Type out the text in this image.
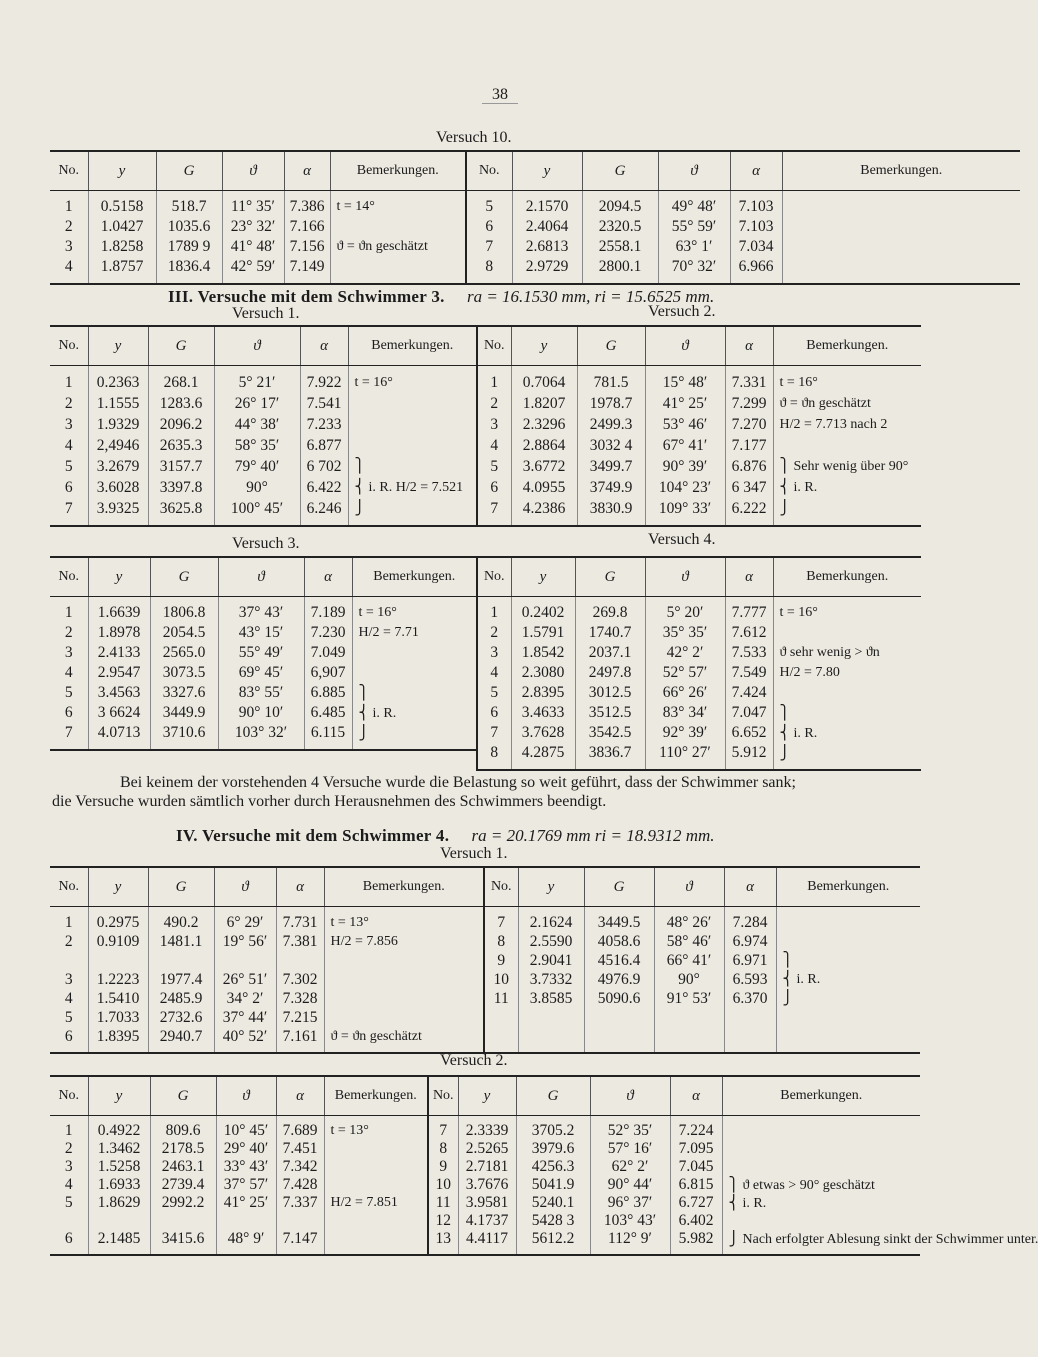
38
Versuch 10.
No.	y	G	ϑ	α	Bemerkungen.	No.	y	G	ϑ	α	Bemerkungen.

1	0.5158	518.7	11° 35′	7.386	t = 14°	5	2.1570	2094.5	49° 48′	7.103	
2	1.0427	1035.6	23° 32′	7.166		6	2.4064	2320.5	55° 59′	7.103	
3	1.8258	1789 9	41° 48′	7.156	ϑ = ϑn geschätzt	7	2.6813	2558.1	63° 1′	7.034	
4	1.8757	1836.4	42° 59′	7.149		8	2.9729	2800.1	70° 32′	6.966	

III. Versuche mit dem Schwimmer 3. ra = 16.1530 mm, ri = 15.6525 mm.
Versuch 1.	Versuch 2.
No.	y	G	ϑ	α	Bemerkungen.

1	0.2363	268.1	5° 21′	7.922	t = 16°
2	1.1555	1283.6	26° 17′	7.541	
3	1.9329	2096.2	44° 38′	7.233	
4	2,4946	2635.3	58° 35′	6.877	
5	3.2679	3157.7	79° 40′	6 702	⎫
6	3.6028	3397.8	90°	6.422	⎨ i. R. H/2 = 7.521
7	3.9325	3625.8	100° 45′	6.246	⎭

No.	y	G	ϑ	α	Bemerkungen.

1	0.7064	781.5	15° 48′	7.331	t = 16°
2	1.8207	1978.7	41° 25′	7.299	ϑ = ϑn geschätzt
3	2.3296	2499.3	53° 46′	7.270	H/2 = 7.713 nach 2
4	2.8864	3032 4	67° 41′	7.177	
5	3.6772	3499.7	90° 39′	6.876	⎫ Sehr wenig über 90°
6	4.0955	3749.9	104° 23′	6 347	⎨ i. R.
7	4.2386	3830.9	109° 33′	6.222	⎭

Versuch 3.	Versuch 4.
No.	y	G	ϑ	α	Bemerkungen.

1	1.6639	1806.8	37° 43′	7.189	t = 16°
2	1.8978	2054.5	43° 15′	7.230	H/2 = 7.71
3	2.4133	2565.0	55° 49′	7.049	
4	2.9547	3073.5	69° 45′	6,907	
5	3.4563	3327.6	83° 55′	6.885	⎫
6	3 6624	3449.9	90° 10′	6.485	⎨ i. R.
7	4.0713	3710.6	103° 32′	6.115	⎭

No.	y	G	ϑ	α	Bemerkungen.

1	0.2402	269.8	5° 20′	7.777	t = 16°
2	1.5791	1740.7	35° 35′	7.612	
3	1.8542	2037.1	42° 2′	7.533	ϑ sehr wenig > ϑn
4	2.3080	2497.8	52° 57′	7.549	H/2 = 7.80
5	2.8395	3012.5	66° 26′	7.424	
6	3.4633	3512.5	83° 34′	7.047	⎫
7	3.7628	3542.5	92° 39′	6.652	⎨ i. R.
8	4.2875	3836.7	110° 27′	5.912	⎭

Bei keinem der vorstehenden 4 Versuche wurde die Belastung so weit geführt, dass der Schwimmer sank;

die Versuche wurden sämtlich vorher durch Herausnehmen des Schwimmers beendigt.

IV. Versuche mit dem Schwimmer 4. ra = 20.1769 mm ri = 18.9312 mm.
Versuch 1.
No.	y	G	ϑ	α	Bemerkungen.	No.	y	G	ϑ	α	Bemerkungen.

1	0.2975	490.2	6° 29′	7.731	t = 13°	7	2.1624	3449.5	48° 26′	7.284	
2	0.9109	1481.1	19° 56′	7.381	H/2 = 7.856	8	2.5590	4058.6	58° 46′	6.974	
						9	2.9041	4516.4	66° 41′	6.971	⎫
3	1.2223	1977.4	26° 51′	7.302		10	3.7332	4976.9	90°	6.593	⎨ i. R.
4	1.5410	2485.9	34° 2′	7.328		11	3.8585	5090.6	91° 53′	6.370	⎭
5	1.7033	2732.6	37° 44′	7.215							
6	1.8395	2940.7	40° 52′	7.161	ϑ = ϑn geschätzt						

Versuch 2.
No.	y	G	ϑ	α	Bemerkungen.	No.	y	G	ϑ	α	Bemerkungen.

1	0.4922	809.6	10° 45′	7.689	t = 13°	7	2.3339	3705.2	52° 35′	7.224	
2	1.3462	2178.5	29° 40′	7.451		8	2.5265	3979.6	57° 16′	7.095	
3	1.5258	2463.1	33° 43′	7.342		9	2.7181	4256.3	62° 2′	7.045	
4	1.6933	2739.4	37° 57′	7.428		10	3.7676	5041.9	90° 44′	6.815	⎫ ϑ etwas > 90° geschätzt
5	1.8629	2992.2	41° 25′	7.337	H/2 = 7.851	11	3.9581	5240.1	96° 37′	6.727	⎨ i. R.
						12	4.1737	5428 3	103° 43′	6.402	
6	2.1485	3415.6	48° 9′	7.147		13	4.4117	5612.2	112° 9′	5.982	⎭ Nach erfolgter Ablesung sinkt der Schwimmer unter.
